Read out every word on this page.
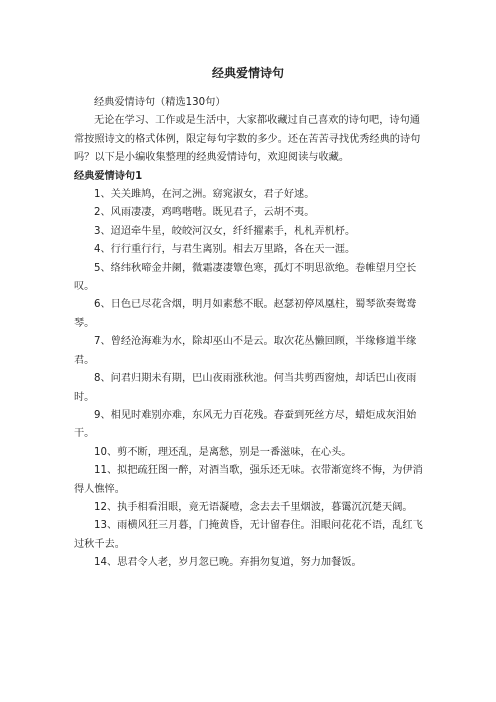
经典爱情诗句

经典爱情诗句（精选130句）

无论在学习、工作或是生活中，大家都收藏过自己喜欢的诗句吧，诗句通常按照诗文的格式体例，限定每句字数的多少。还在苦苦寻找优秀经典的诗句吗？以下是小编收集整理的经典爱情诗句，欢迎阅读与收藏。

经典爱情诗句1

1、关关雎鸠，在河之洲。窈窕淑女，君子好逑。

2、风雨凄凄，鸡鸣喈喈。既见君子，云胡不夷。

3、迢迢牵牛星，皎皎河汉女，纤纤擢素手，札札弄机杼。

4、行行重行行，与君生离别。相去万里路，各在天一涯。

5、络纬秋啼金井阑，微霜凄凄簟色寒，孤灯不明思欲绝。卷帷望月空长叹。

6、日色已尽花含烟，明月如素愁不眠。赵瑟初停凤凰柱，蜀琴欲奏鸳鸯琴。

7、曾经沧海难为水，除却巫山不是云。取次花丛懒回顾，半缘修道半缘君。

8、问君归期未有期，巴山夜雨涨秋池。何当共剪西窗烛，却话巴山夜雨时。

9、相见时难别亦难，东风无力百花残。春蚕到死丝方尽，蜡炬成灰泪始干。

10、剪不断，理还乱，是离愁，别是一番滋味，在心头。

11、拟把疏狂图一醉，对酒当歌，强乐还无味。衣带渐宽终不悔，为伊消得人憔悴。

12、执手相看泪眼，竟无语凝噎，念去去千里烟波，暮霭沉沉楚天阔。

13、雨横风狂三月暮，门掩黄昏，无计留春住。泪眼问花花不语，乱红飞过秋千去。

14、思君令人老，岁月忽已晚。弃捐勿复道，努力加餐饭。
